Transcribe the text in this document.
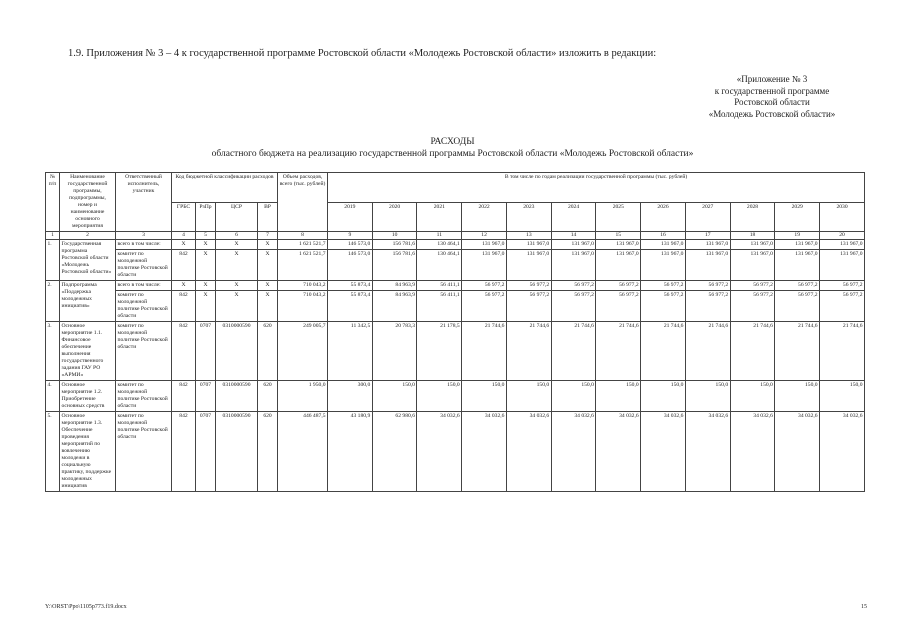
1.9. Приложения № 3 – 4 к государственной программе Ростовской области «Молодежь Ростовской области» изложить в редакции:
«Приложение № 3
к государственной программе
Ростовской области
«Молодежь Ростовской области»
РАСХОДЫ
областного бюджета на реализацию государственной программы Ростовской области «Молодежь Ростовской области»
№ п/п	Наименование государственной программы, подпрограммы, номер и наименование основного мероприятия	Ответственный исполнитель, участник	Код бюджетной классификации расходов				Объем расходов, всего (тыс. рублей)	В том числе по годам реализации государственной программы (тыс. рублей)											
			ГРБС	РзПр	ЦСР	ВР		2019	2020	2021	2022	2023	2024	2025	2026	2027	2028	2029	2030
1	2	3	4	5	6	7	8	9	10	11	12	13	14	15	16	17	18	19	20
1.	Государственная программа Ростовской области «Молодежь Ростовской области»	всего в том числе:	X	X	X	X	1 621 521,7	146 573,0	156 781,6	130 464,1	131 967,0	131 967,0	131 967,0	131 967,0	131 967,0	131 967,0	131 967,0	131 967,0	131 967,0
		комитет по молодежной политике Ростовской области	842	X	X	X	1 621 521,7	146 573,0	156 781,6	130 464,1	131 967,0	131 967,0	131 967,0	131 967,0	131 967,0	131 967,0	131 967,0	131 967,0	131 967,0
2.	Подпрограмма «Поддержка молодежных инициатив»	всего в том числе:	X	X	X	X	710 043,2	55 873,4	84 963,9	56 411,1	56 977,2	56 977,2	56 977,2	56 977,2	56 977,2	56 977,2	56 977,2	56 977,2	56 977,2
		комитет по молодежной политике Ростовской области	842	X	X	X	710 043,2	55 873,4	84 963,9	56 411,1	56 977,2	56 977,2	56 977,2	56 977,2	56 977,2	56 977,2	56 977,2	56 977,2	56 977,2
3.	Основное мероприятие 1.1. Финансовое обеспечение выполнения государственного задания ГАУ РО «АРМИ»	комитет по молодежной политике Ростовской области	842	0707	0310000590	620	249 005,7	11 342,5	20 783,3	21 178,5	21 744,6	21 744,6	21 744,6	21 744,6	21 744,6	21 744,6	21 744,6	21 744,6	21 744,6
4.	Основное мероприятие 1.2. Приобретение основных средств	комитет по молодежной политике Ростовской области	842	0707	0310000590	620	1 950,0	300,0	150,0	150,0	150,0	150,0	150,0	150,0	150,0	150,0	150,0	150,0	150,0
5.	Основное мероприятие 1.3. Обеспечение проведения мероприятий по вовлечению молодежи в социальную практику, поддержке молодежных инициатив	комитет по молодежной политике Ростовской области	842	0707	0310000590	620	446 487,5	43 180,9	62 980,6	34 032,6	34 032,6	34 032,6	34 032,6	34 032,6	34 032,6	34 032,6	34 032,6	34 032,6	34 032,6
Y:\ORST\Ppo\1105p773.f19.docx	15
